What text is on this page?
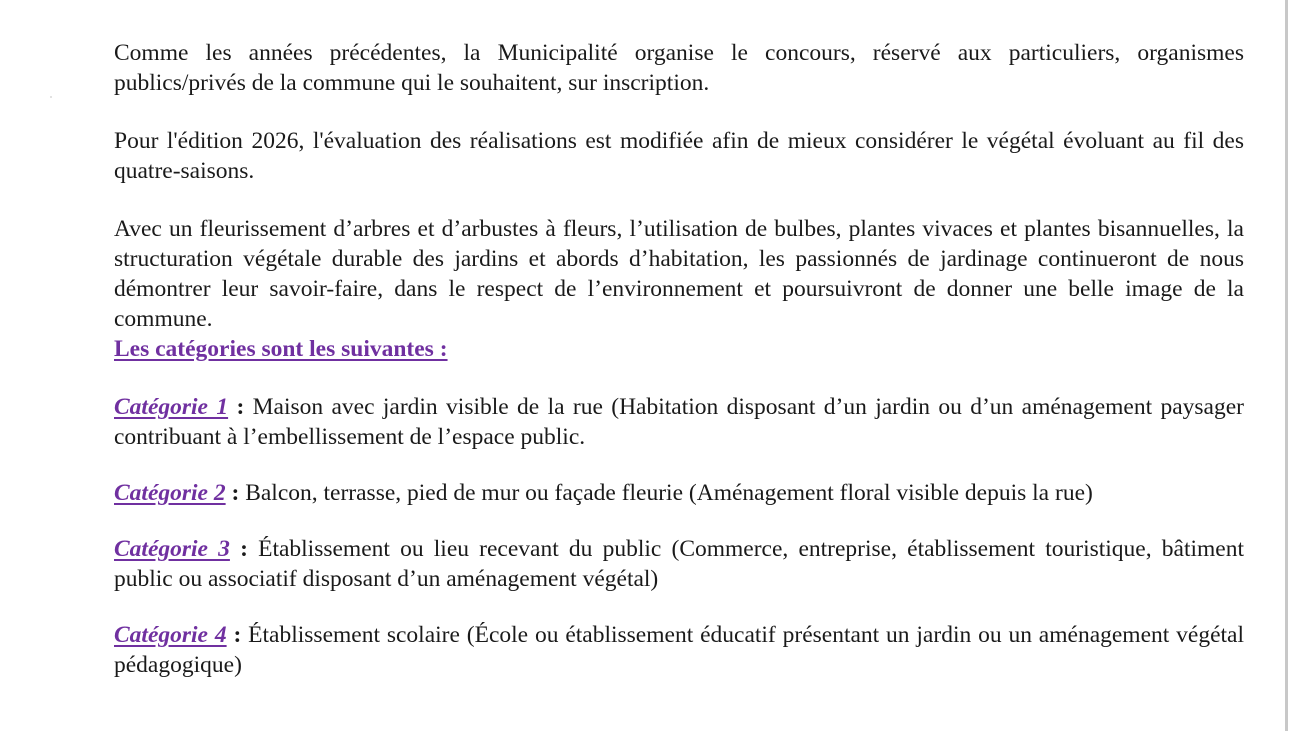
Comme les années précédentes, la Municipalité organise le concours, réservé aux particuliers, organismes publics/privés de la commune qui le souhaitent, sur inscription.

Pour l'édition 2026, l'évaluation des réalisations est modifiée afin de mieux considérer le végétal évoluant au fil des quatre-saisons.

Avec un fleurissement d’arbres et d’arbustes à fleurs, l’utilisation de bulbes, plantes vivaces et plantes bisannuelles, la structuration végétale durable des jardins et abords d’habitation, les passionnés de jardinage continueront de nous démontrer leur savoir-faire, dans le respect de l’environnement et poursuivront de donner une belle image de la commune.

Les catégories sont les suivantes :

Catégorie 1 : Maison avec jardin visible de la rue (Habitation disposant d’un jardin ou d’un aménagement paysager contribuant à l’embellissement de l’espace public.

Catégorie 2 : Balcon, terrasse, pied de mur ou façade fleurie (Aménagement floral visible depuis la rue)

Catégorie 3 : Établissement ou lieu recevant du public (Commerce, entreprise, établissement touristique, bâtiment public ou associatif disposant d’un aménagement végétal)

Catégorie 4 : Établissement scolaire (École ou établissement éducatif présentant un jardin ou un aménagement végétal pédagogique)
